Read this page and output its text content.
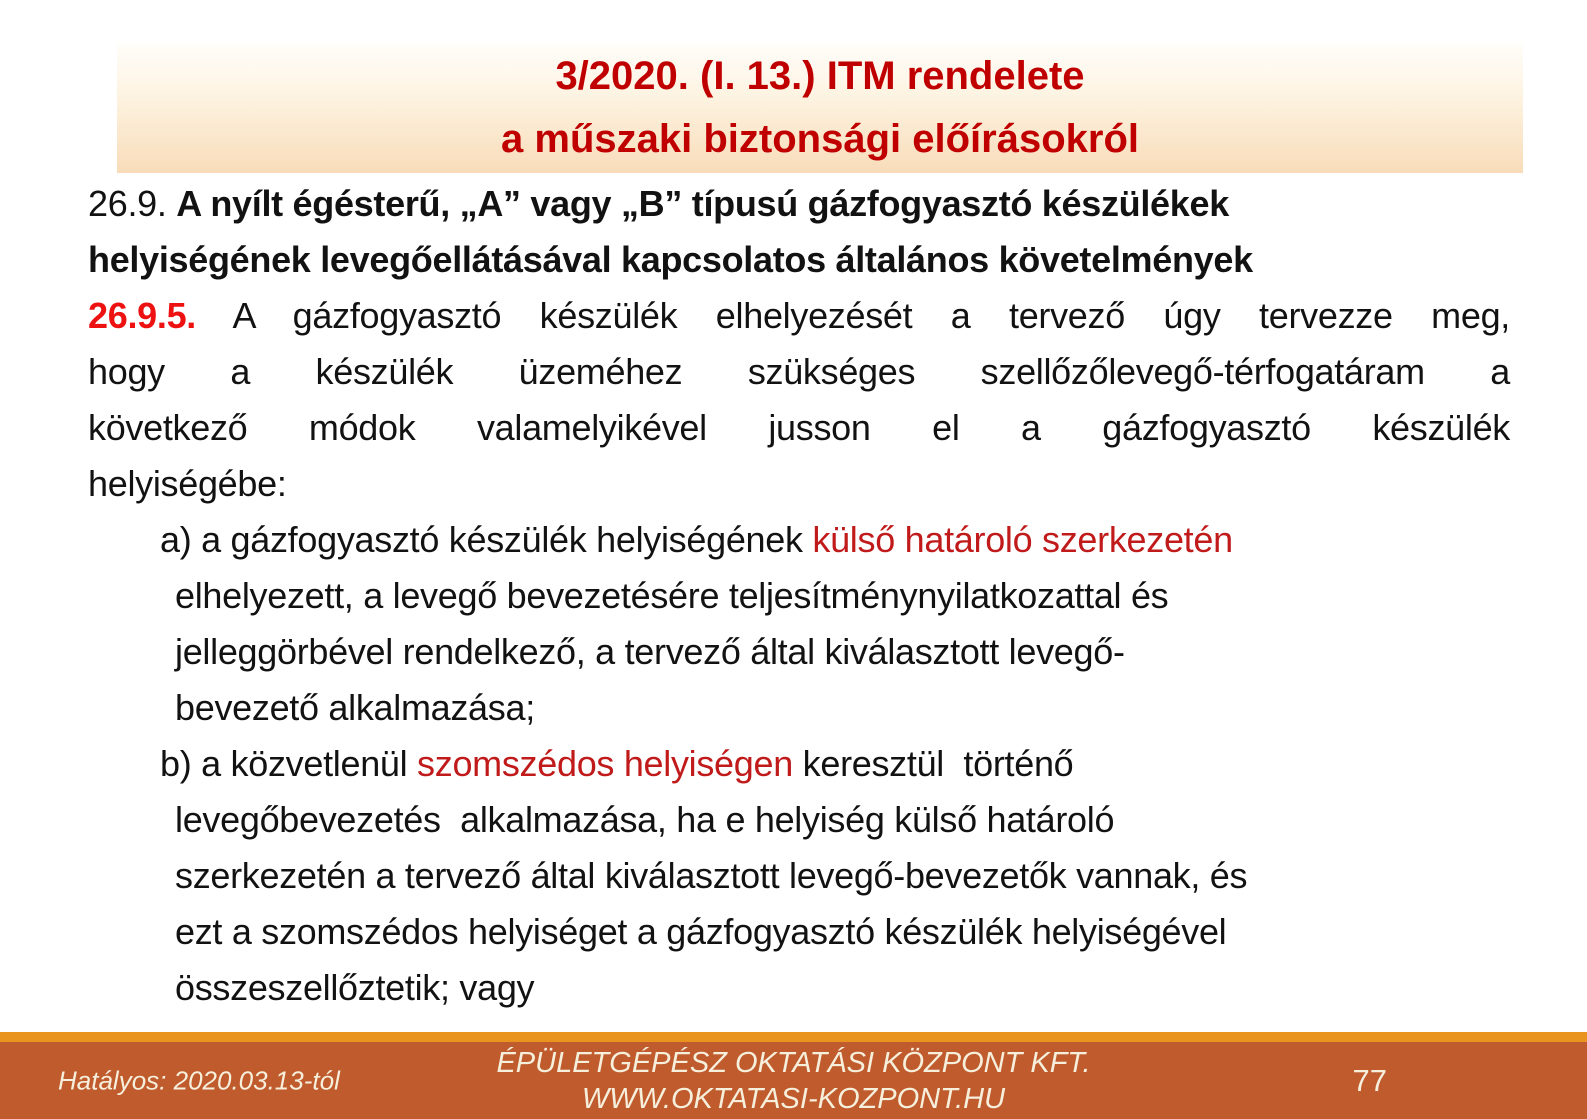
3/2020. (I. 13.) ITM rendelete
a műszaki biztonsági előírásokról
26.9. A nyílt égésterű, „A” vagy „B” típusú gázfogyasztó készülékek
helyiségének levegőellátásával kapcsolatos általános követelmények
26.9.5. A gázfogyasztó készülék elhelyezését a tervező úgy tervezze meg,
hogy a készülék üzeméhez szükséges szellőzőlevegő-térfogatáram a
következő módok valamelyikével jusson el a gázfogyasztó készülék
helyiségébe:
a) a gázfogyasztó készülék helyiségének külső határoló szerkezetén
elhelyezett, a levegő bevezetésére teljesítménynyilatkozattal és
jelleggörbével rendelkező, a tervező által kiválasztott levegő-
bevezető alkalmazása;
b) a közvetlenül szomszédos helyiségen keresztül  történő
levegőbevezetés  alkalmazása, ha e helyiség külső határoló
szerkezetén a tervező által kiválasztott levegő-bevezetők vannak, és
ezt a szomszédos helyiséget a gázfogyasztó készülék helyiségével
összeszellőztetik; vagy
Hatályos: 2020.03.13-tól
ÉPÜLETGÉPÉSZ OKTATÁSI KÖZPONT KFT.
WWW.OKTATASI-KOZPONT.HU
77
